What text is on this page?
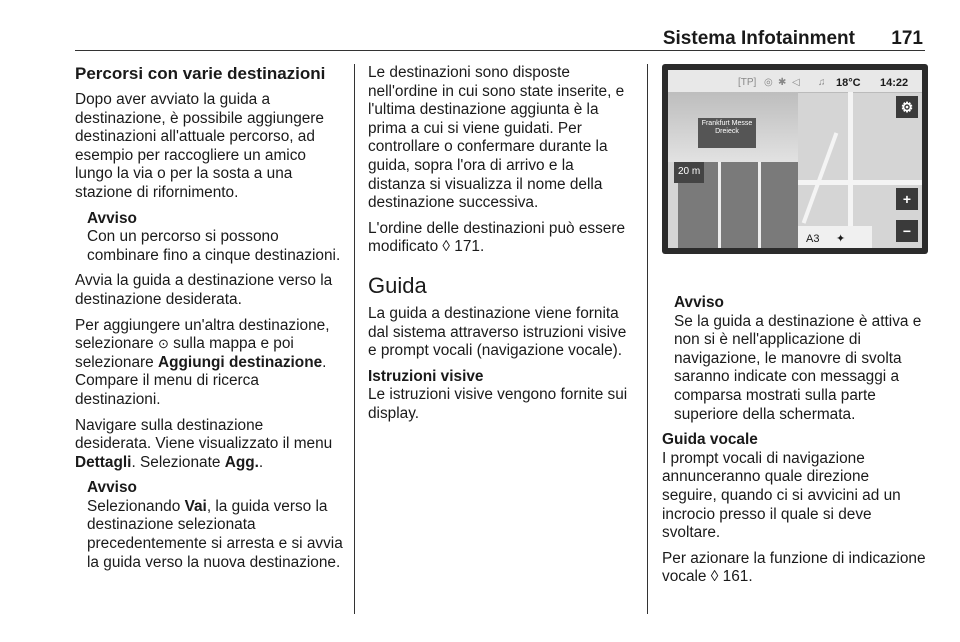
Sistema Infotainment 171
Percorsi con varie destinazioni

Dopo aver avviato la guida a destinazione, è possibile aggiungere destinazioni all'attuale percorso, ad esempio per raccogliere un amico lungo la via o per la sosta a una stazione di rifornimento.

Avviso

Con un percorso si possono combinare fino a cinque destinazioni.

Avvia la guida a destinazione verso la destinazione desiderata.

Per aggiungere un'altra destinazione, selezionare ⊙ sulla mappa e poi selezionare Aggiungi destinazione.
Compare il menu di ricerca destinazioni.

Navigare sulla destinazione desiderata. Viene visualizzato il menu Dettagli. Selezionate Agg..

Avviso

Selezionando Vai, la guida verso la destinazione selezionata precedentemente si arresta e si avvia la guida verso la nuova destinazione.

Le destinazioni sono disposte nell'ordine in cui sono state inserite, e l'ultima destinazione aggiunta è la prima a cui si viene guidati. Per controllare o confermare durante la guida, sopra l'ora di arrivo e la distanza si visualizza il nome della destinazione successiva.

L'ordine delle destinazioni può essere modificato ◊ 171.

Guida

La guida a destinazione viene fornita dal sistema attraverso istruzioni visive e prompt vocali (navigazione vocale).

Istruzioni visive

Le istruzioni visive vengono fornite sui display.

[TP] ◎ ✱ ◁ ♫ 18°C 14:22
Frankfurt Messe Dreieck
20 m
⚙
+
−
A3 ✦
Avviso

Se la guida a destinazione è attiva e non si è nell'applicazione di navigazione, le manovre di svolta saranno indicate con messaggi a comparsa mostrati sulla parte superiore della schermata.

Guida vocale

I prompt vocali di navigazione annunceranno quale direzione seguire, quando ci si avvicini ad un incrocio presso il quale si deve svoltare.

Per azionare la funzione di indicazione vocale ◊ 161.
